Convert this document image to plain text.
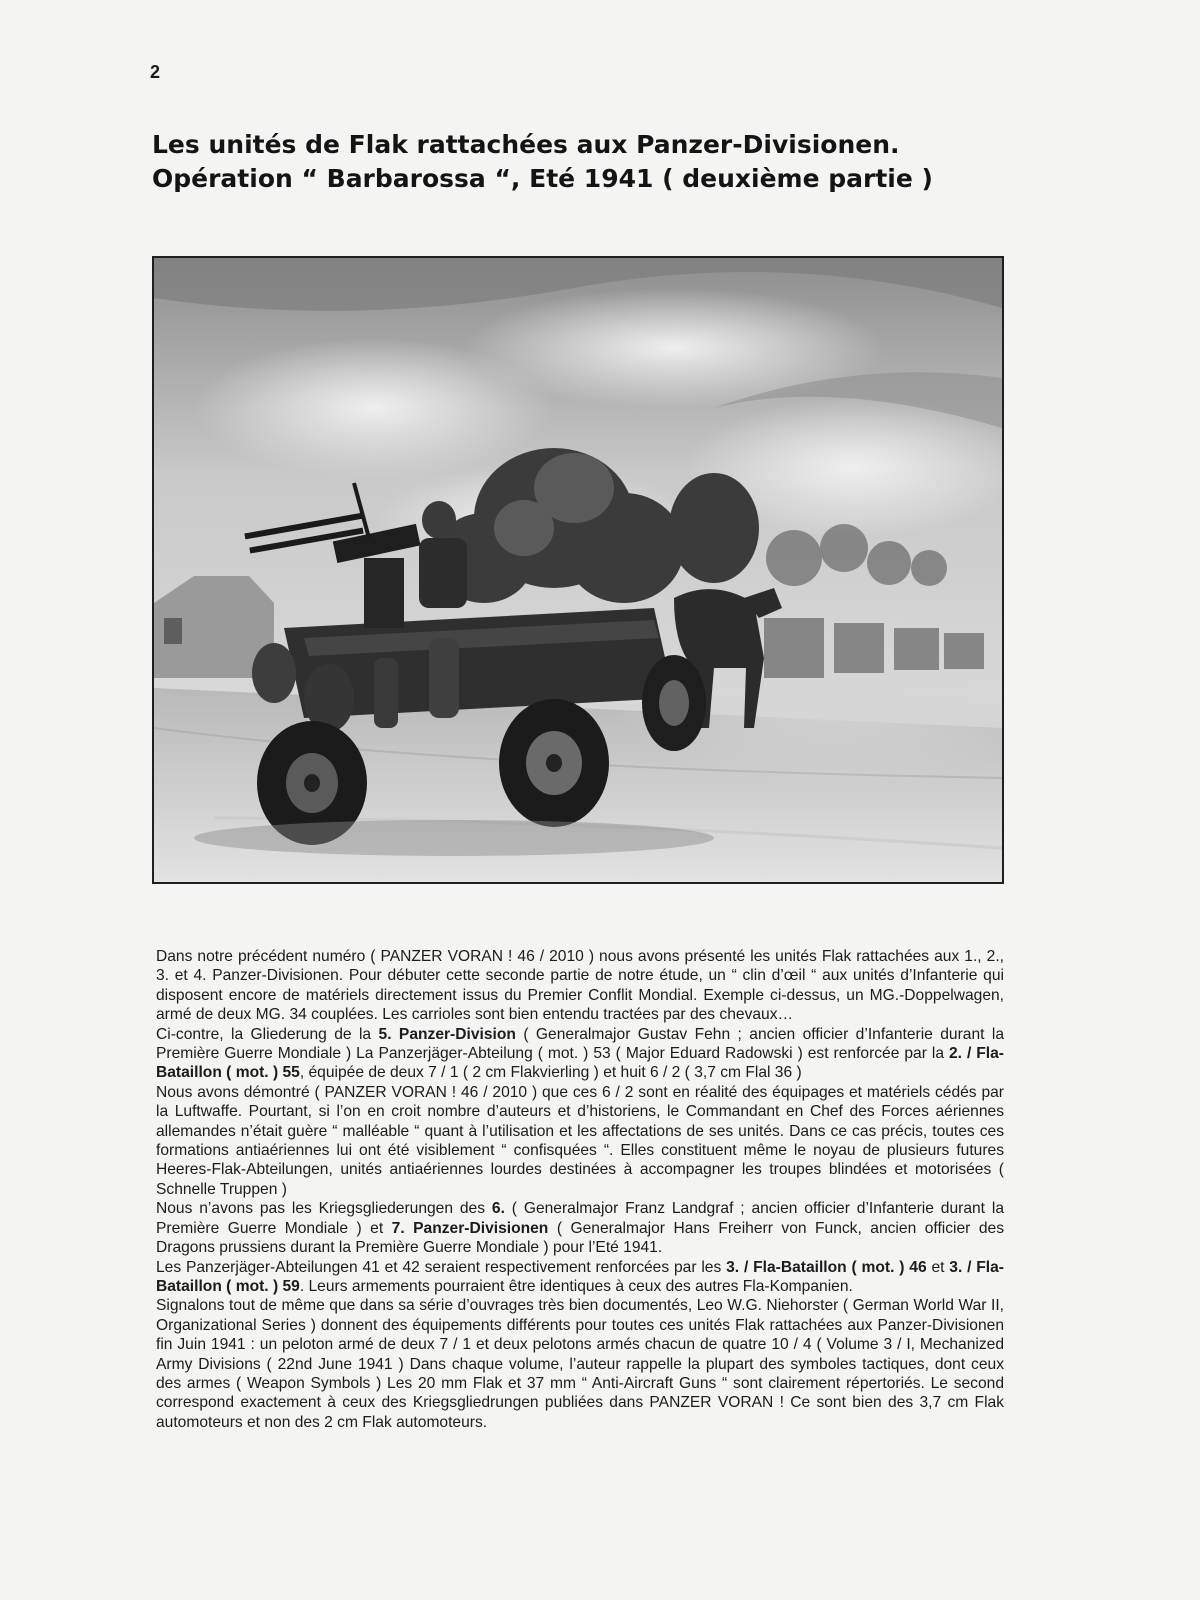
2
Les unités de Flak rattachées aux Panzer-Divisionen.
Opération “ Barbarossa “, Eté 1941 ( deuxième partie )

Dans notre précédent numéro ( PANZER VORAN ! 46 / 2010 ) nous avons présenté les unités Flak rattachées aux 1., 2., 3. et 4. Panzer-Divisionen. Pour débuter cette seconde partie de notre étude, un “ clin d’œil “ aux unités d’Infanterie qui disposent encore de matériels directement issus du Premier Conflit Mondial. Exemple ci-dessus, un MG.-Doppelwagen, armé de deux MG. 34 couplées. Les carrioles sont bien entendu tractées par des chevaux…

Ci-contre, la Gliederung de la 5. Panzer-Division ( Generalmajor Gustav Fehn ; ancien officier d’Infanterie durant la Première Guerre Mondiale ) La Panzerjäger-Abteilung ( mot. ) 53 ( Major Eduard Radowski ) est renforcée par la 2. / Fla-Bataillon ( mot. ) 55, équipée de deux 7 / 1 ( 2 cm Flakvierling ) et huit 6 / 2 ( 3,7 cm Flal 36 )

Nous avons démontré ( PANZER VORAN ! 46 / 2010 ) que ces 6 / 2 sont en réalité des équipages et matériels cédés par la Luftwaffe. Pourtant, si l’on en croit nombre d’auteurs et d’historiens, le Commandant en Chef des Forces aériennes allemandes n’était guère “ malléable “ quant à l’utilisation et les affectations de ses unités. Dans ce cas précis, toutes ces formations antiaériennes lui ont été visiblement “ confisquées “. Elles constituent même le noyau de plusieurs futures Heeres-Flak-Abteilungen, unités antiaériennes lourdes destinées à accompagner les troupes blindées et motorisées ( Schnelle Truppen )

Nous n’avons pas les Kriegsgliederungen des 6. ( Generalmajor Franz Landgraf ; ancien officier d’Infanterie durant la Première Guerre Mondiale ) et 7. Panzer-Divisionen ( Generalmajor Hans Freiherr von Funck, ancien officier des Dragons prussiens durant la Première Guerre Mondiale ) pour l’Eté 1941.

Les Panzerjäger-Abteilungen 41 et 42 seraient respectivement renforcées par les 3. / Fla-Bataillon ( mot. ) 46 et 3. / Fla-Bataillon ( mot. ) 59. Leurs armements pourraient être identiques à ceux des autres Fla-Kompanien.

Signalons tout de même que dans sa série d’ouvrages très bien documentés, Leo W.G. Niehorster ( German World War II, Organizational Series ) donnent des équipements différents pour toutes ces unités Flak rattachées aux Panzer-Divisionen fin Juin 1941 : un peloton armé de deux 7 / 1 et deux pelotons armés chacun de quatre 10 / 4 ( Volume 3 / I, Mechanized Army Divisions ( 22nd June 1941 ) Dans chaque volume, l’auteur rappelle la plupart des symboles tactiques, dont ceux des armes ( Weapon Symbols ) Les 20 mm Flak et 37 mm “ Anti-Aircraft Guns “ sont clairement répertoriés. Le second correspond exactement à ceux des Kriegsgliedrungen publiées dans PANZER VORAN ! Ce sont bien des 3,7 cm Flak automoteurs et non des 2 cm Flak automoteurs.
